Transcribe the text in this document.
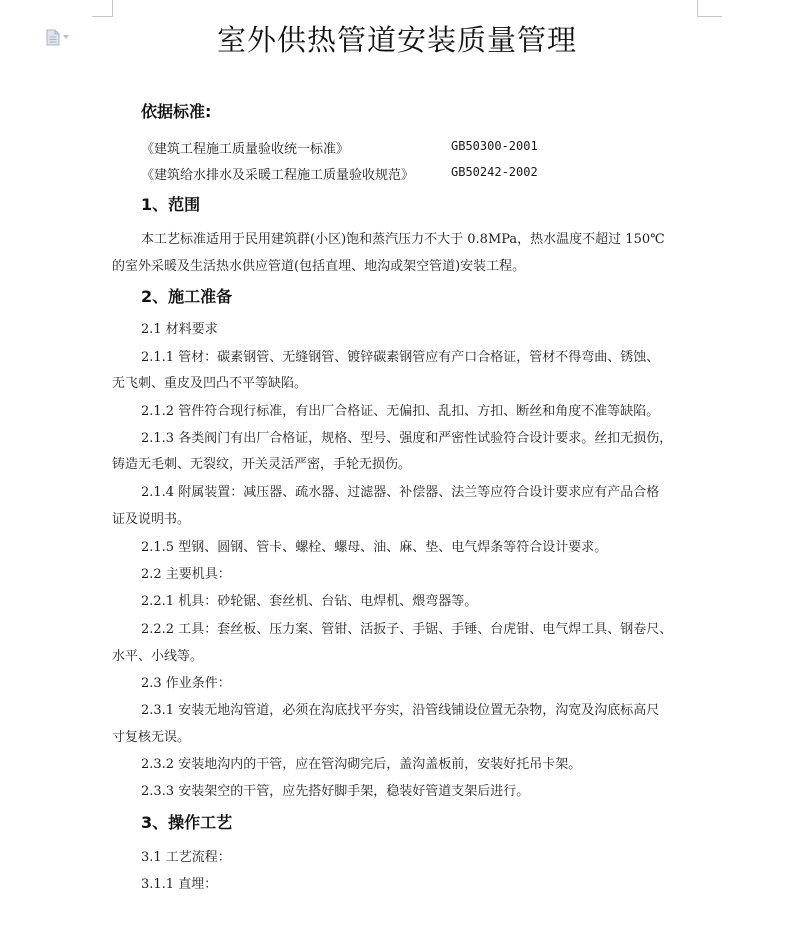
室外供热管道安装质量管理
依据标准:
《建筑工程施工质量验收统一标准》	GB50300-2001
《建筑给水排水及采暖工程施工质量验收规范》	GB50242-2002
1、范围
本工艺标准适用于民用建筑群(小区)饱和蒸汽压力不大于 0.8MPa，热水温度不超过 150℃
的室外采暖及生活热水供应管道(包括直埋、地沟或架空管道)安装工程。
2、施工准备
2.1 材料要求
2.1.1 管材：碳素钢管、无缝钢管、镀锌碳素钢管应有产口合格证，管材不得弯曲、锈蚀、
无飞刺、重皮及凹凸不平等缺陷。
2.1.2 管件符合现行标准，有出厂合格证、无偏扣、乱扣、方扣、断丝和角度不准等缺陷。
2.1.3 各类阀门有出厂合格证，规格、型号、强度和严密性试验符合设计要求。丝扣无损伤，
铸造无毛刺、无裂纹，开关灵活严密，手轮无损伤。
2.1.4 附属装置：减压器、疏水器、过滤器、补偿器、法兰等应符合设计要求应有产品合格
证及说明书。
2.1.5 型钢、圆钢、管卡、螺栓、螺母、油、麻、垫、电气焊条等符合设计要求。
2.2 主要机具：
2.2.1 机具：砂轮锯、套丝机、台钻、电焊机、煨弯器等。
2.2.2 工具：套丝板、压力案、管钳、活扳子、手锯、手锤、台虎钳、电气焊工具、钢卷尺、
水平、小线等。
2.3 作业条件：
2.3.1 安装无地沟管道，必须在沟底找平夯实，沿管线铺设位置无杂物，沟宽及沟底标高尺
寸复核无误。
2.3.2 安装地沟内的干管，应在管沟砌完后，盖沟盖板前，安装好托吊卡架。
2.3.3 安装架空的干管，应先搭好脚手架，稳装好管道支架后进行。
3、操作工艺
3.1 工艺流程：
3.1.1 直埋：
